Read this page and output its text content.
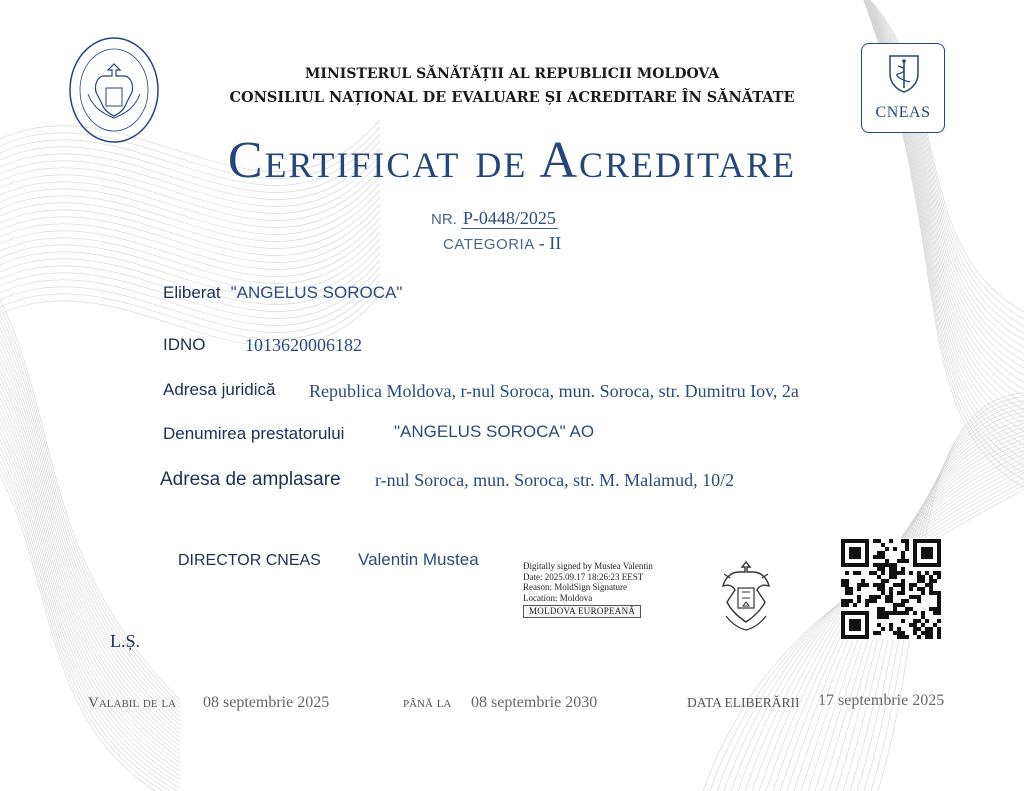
CNEAS
MINISTERUL SĂNĂTĂȚII AL REPUBLICII MOLDOVA
CONSILIUL NAȚIONAL DE EVALUARE ȘI ACREDITARE ÎN SĂNĂTATE
Certificat de Acreditare
NR. P-0448/2025
CATEGORIA - II
Eliberat "ANGELUS SOROCA"
IDNO 1013620006182
Adresa juridică Republica Moldova, r-nul Soroca, mun. Soroca, str. Dumitru Iov, 2a
Denumirea prestatorului	"ANGELUS SOROCA" AO
Adresa de amplasare r-nul Soroca, mun. Soroca, str. M. Malamud, 10/2
DIRECTOR CNEAS Valentin Mustea	Digitally signed by Mustea Valentin
Date: 2025.09.17 18:26:23 EEST
Reason: MoldSign Signature
Location: Moldova
MOLDOVA EUROPEANĂ
L.Ș.
Valabil de la 08 septembrie 2025	până la 08 septembrie 2030	DATA ELIBERĂRII 17 septembrie 2025
